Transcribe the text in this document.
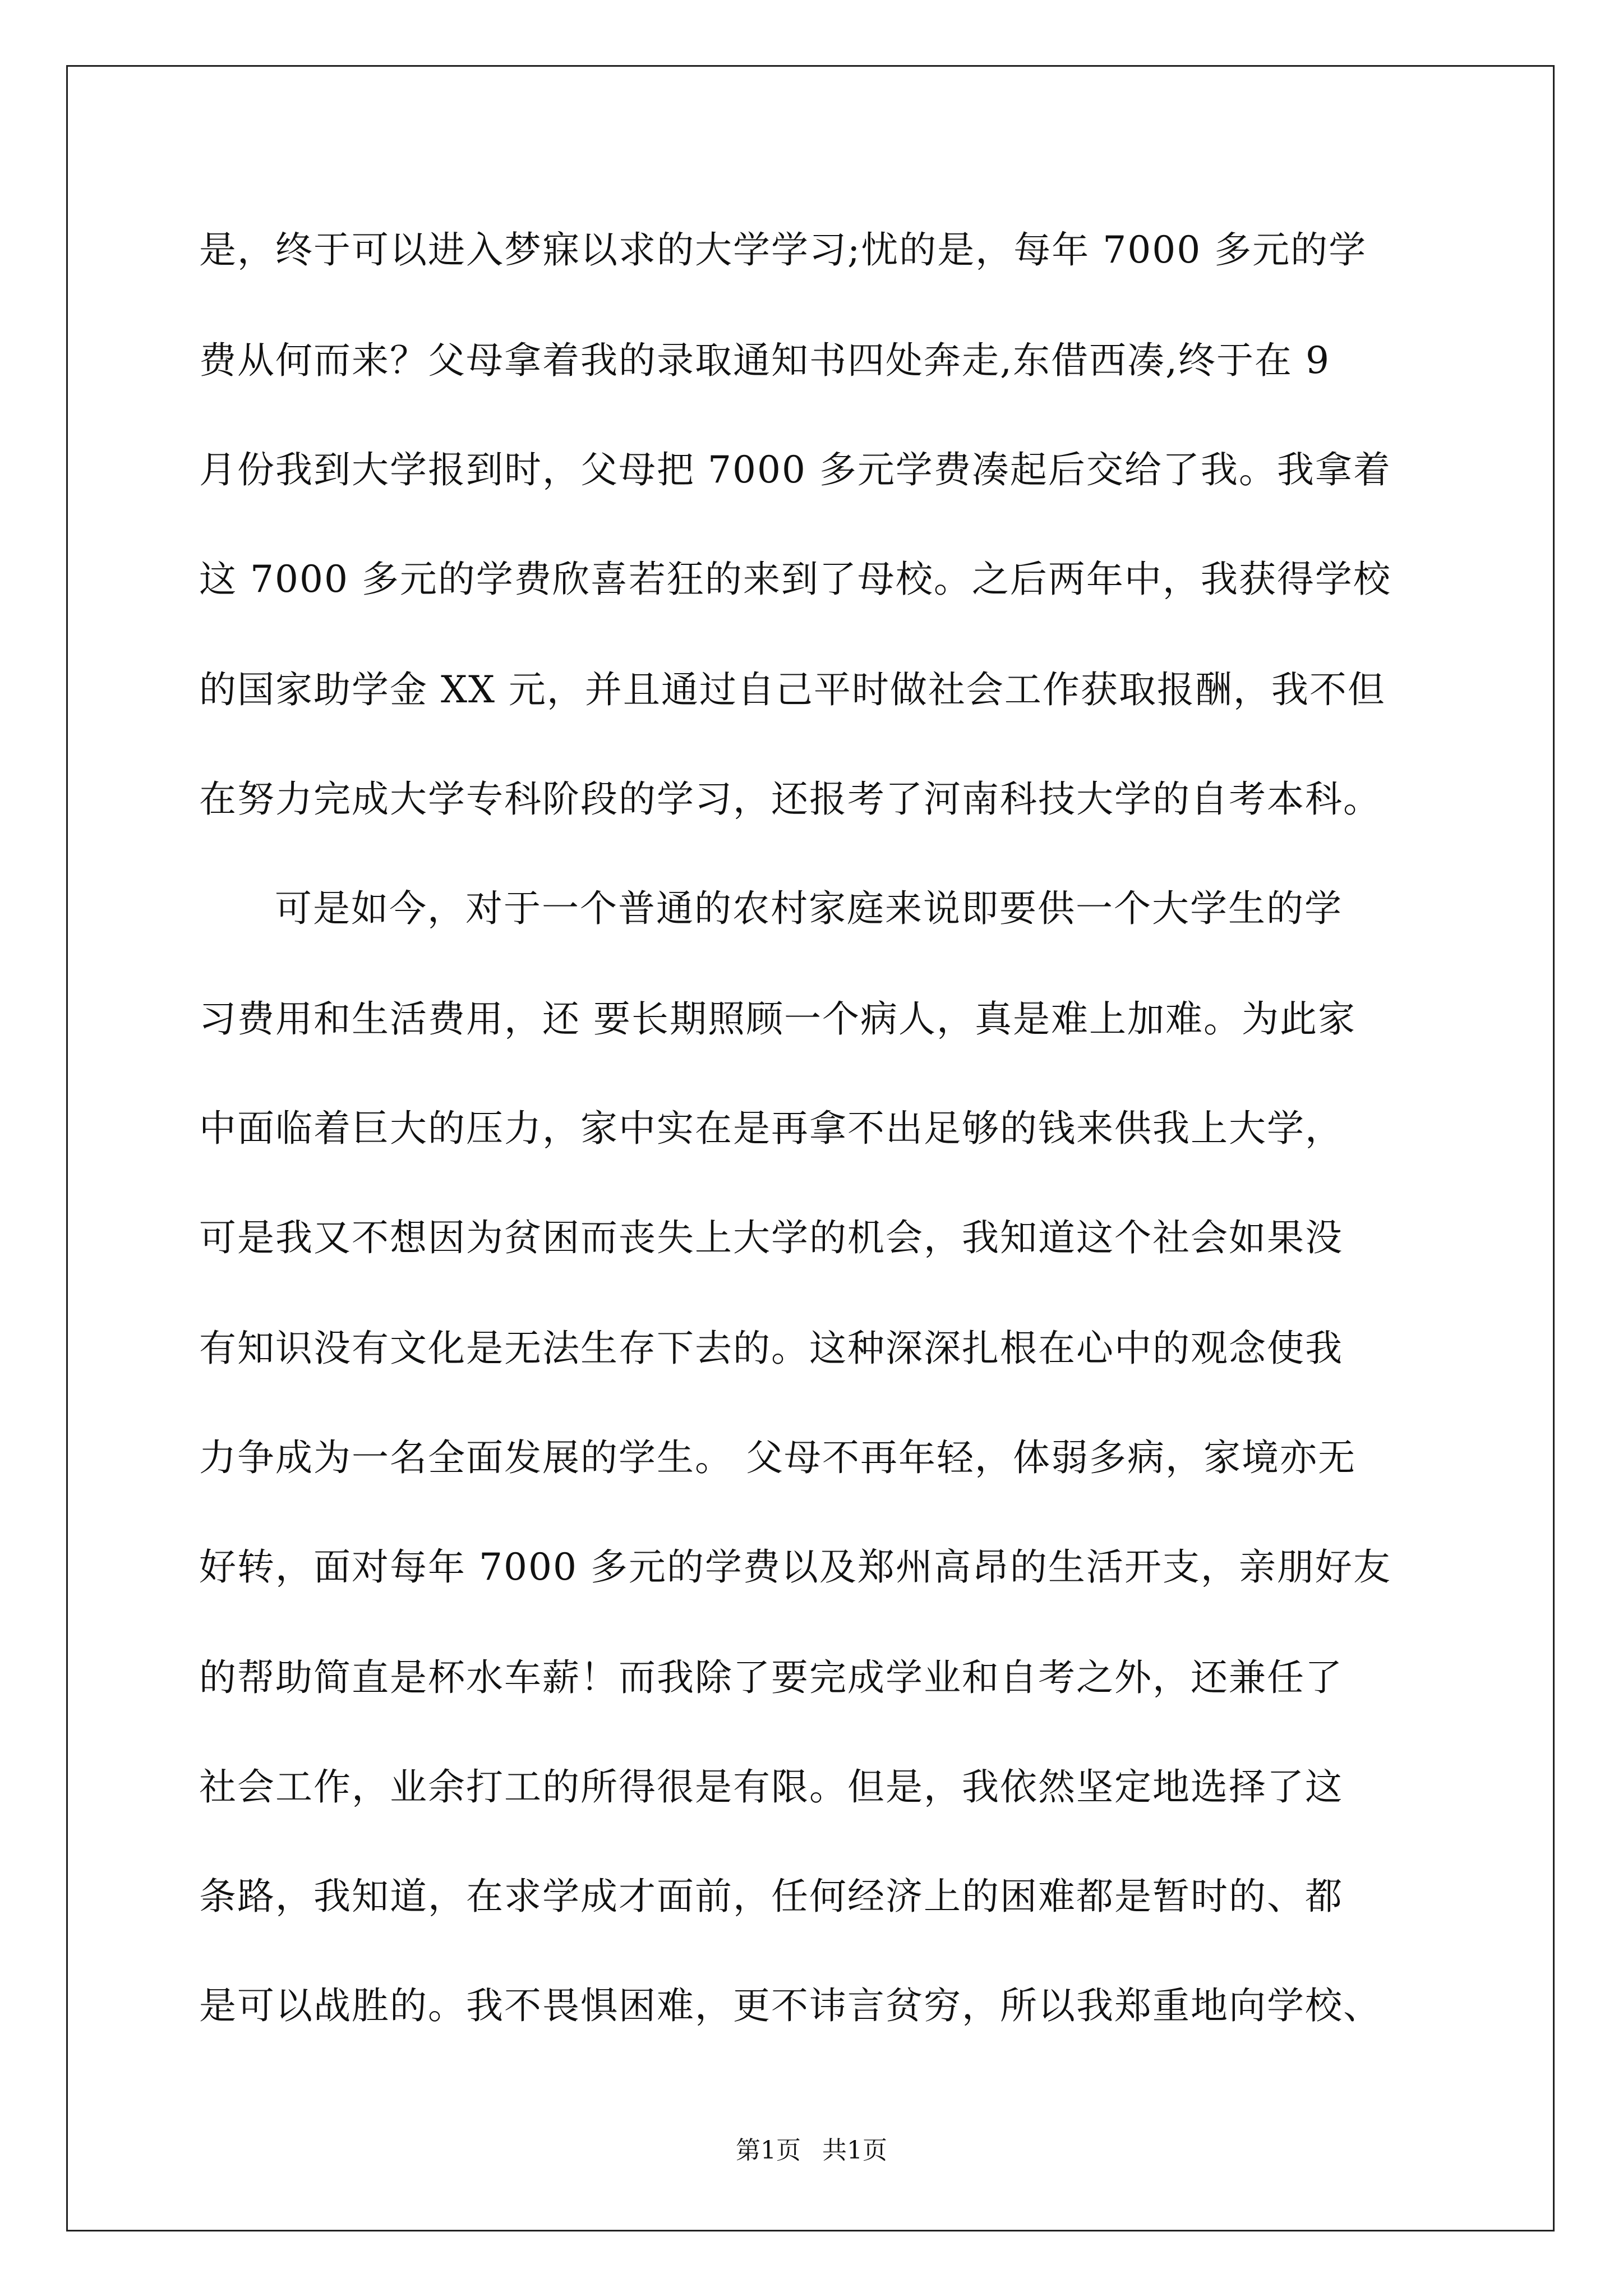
是，终于可以进入梦寐以求的大学学习;忧的是，每年 7000 多元的学
费从何而来？父母拿着我的录取通知书四处奔走,东借西凑,终于在 9
月份我到大学报到时，父母把 7000 多元学费凑起后交给了我。我拿着
这 7000 多元的学费欣喜若狂的来到了母校。之后两年中，我获得学校
的国家助学金 XX 元，并且通过自己平时做社会工作获取报酬，我不但
在努力完成大学专科阶段的学习，还报考了河南科技大学的自考本科。
可是如今，对于一个普通的农村家庭来说即要供一个大学生的学
习费用和生活费用，还 要长期照顾一个病人，真是难上加难。为此家
中面临着巨大的压力，家中实在是再拿不出足够的钱来供我上大学，
可是我又不想因为贫困而丧失上大学的机会，我知道这个社会如果没
有知识没有文化是无法生存下去的。这种深深扎根在心中的观念使我
力争成为一名全面发展的学生。 父母不再年轻，体弱多病，家境亦无
好转，面对每年 7000 多元的学费以及郑州高昂的生活开支，亲朋好友
的帮助简直是杯水车薪！而我除了要完成学业和自考之外，还兼任了
社会工作，业余打工的所得很是有限。但是，我依然坚定地选择了这
条路，我知道，在求学成才面前，任何经济上的困难都是暂时的、都
是可以战胜的。我不畏惧困难，更不讳言贫穷，所以我郑重地向学校、
第1页 共1页
